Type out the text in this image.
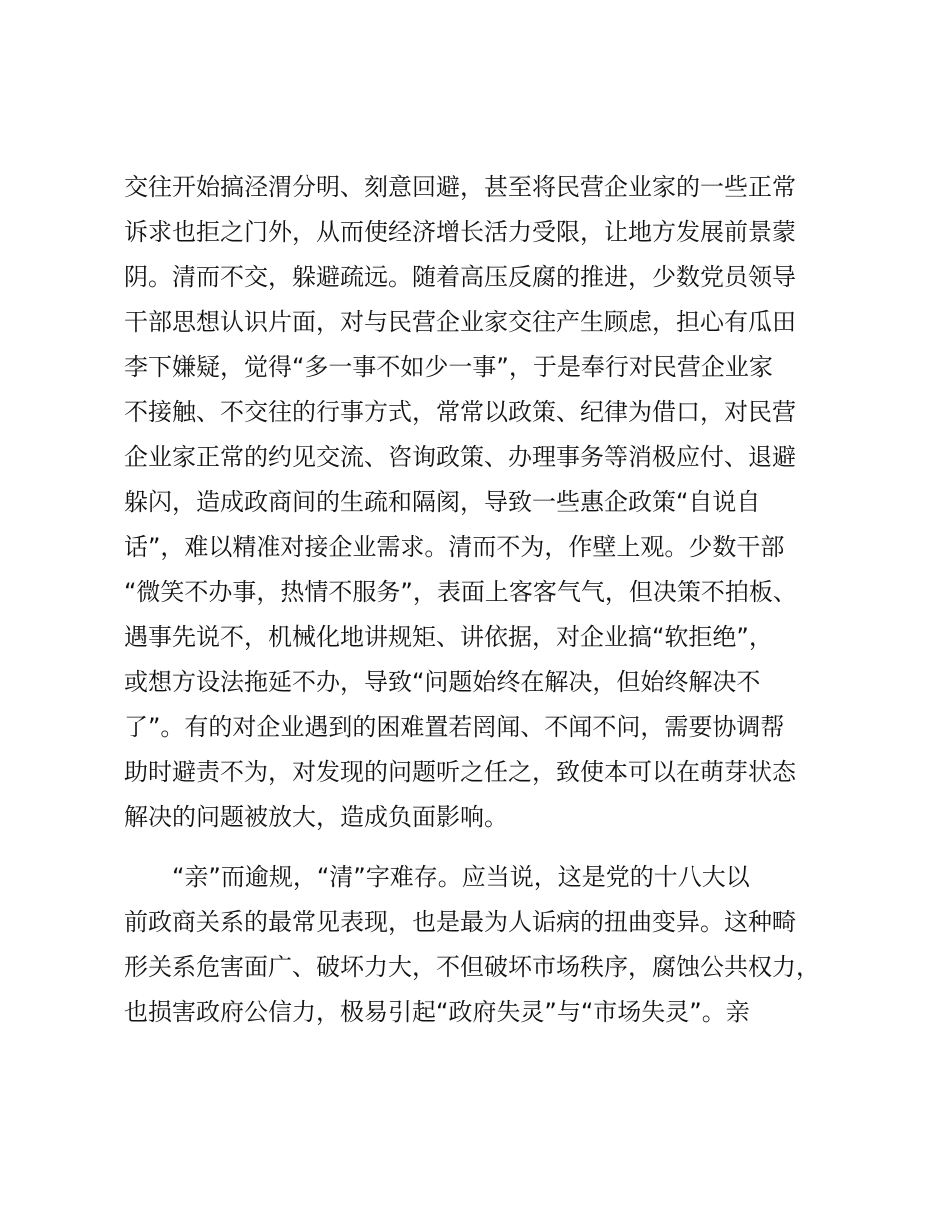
交往开始搞泾渭分明、刻意回避，甚至将民营企业家的一些正常
诉求也拒之门外，从而使经济增长活力受限，让地方发展前景蒙
阴。清而不交，躲避疏远。随着高压反腐的推进，少数党员领导
干部思想认识片面，对与民营企业家交往产生顾虑，担心有瓜田
李下嫌疑，觉得“多一事不如少一事”，于是奉行对民营企业家
不接触、不交往的行事方式，常常以政策、纪律为借口，对民营
企业家正常的约见交流、咨询政策、办理事务等消极应付、退避
躲闪，造成政商间的生疏和隔阂，导致一些惠企政策“自说自
话”，难以精准对接企业需求。清而不为，作壁上观。少数干部
“微笑不办事，热情不服务”，表面上客客气气，但决策不拍板、
遇事先说不，机械化地讲规矩、讲依据，对企业搞“软拒绝”，
或想方设法拖延不办，导致“问题始终在解决，但始终解决不
了”。有的对企业遇到的困难置若罔闻、不闻不问，需要协调帮
助时避责不为，对发现的问题听之任之，致使本可以在萌芽状态
解决的问题被放大，造成负面影响。
“亲”而逾规，“清”字难存。应当说，这是党的十八大以
前政商关系的最常见表现，也是最为人诟病的扭曲变异。这种畸
形关系危害面广、破坏力大，不但破坏市场秩序，腐蚀公共权力，
也损害政府公信力，极易引起“政府失灵”与“市场失灵”。亲
